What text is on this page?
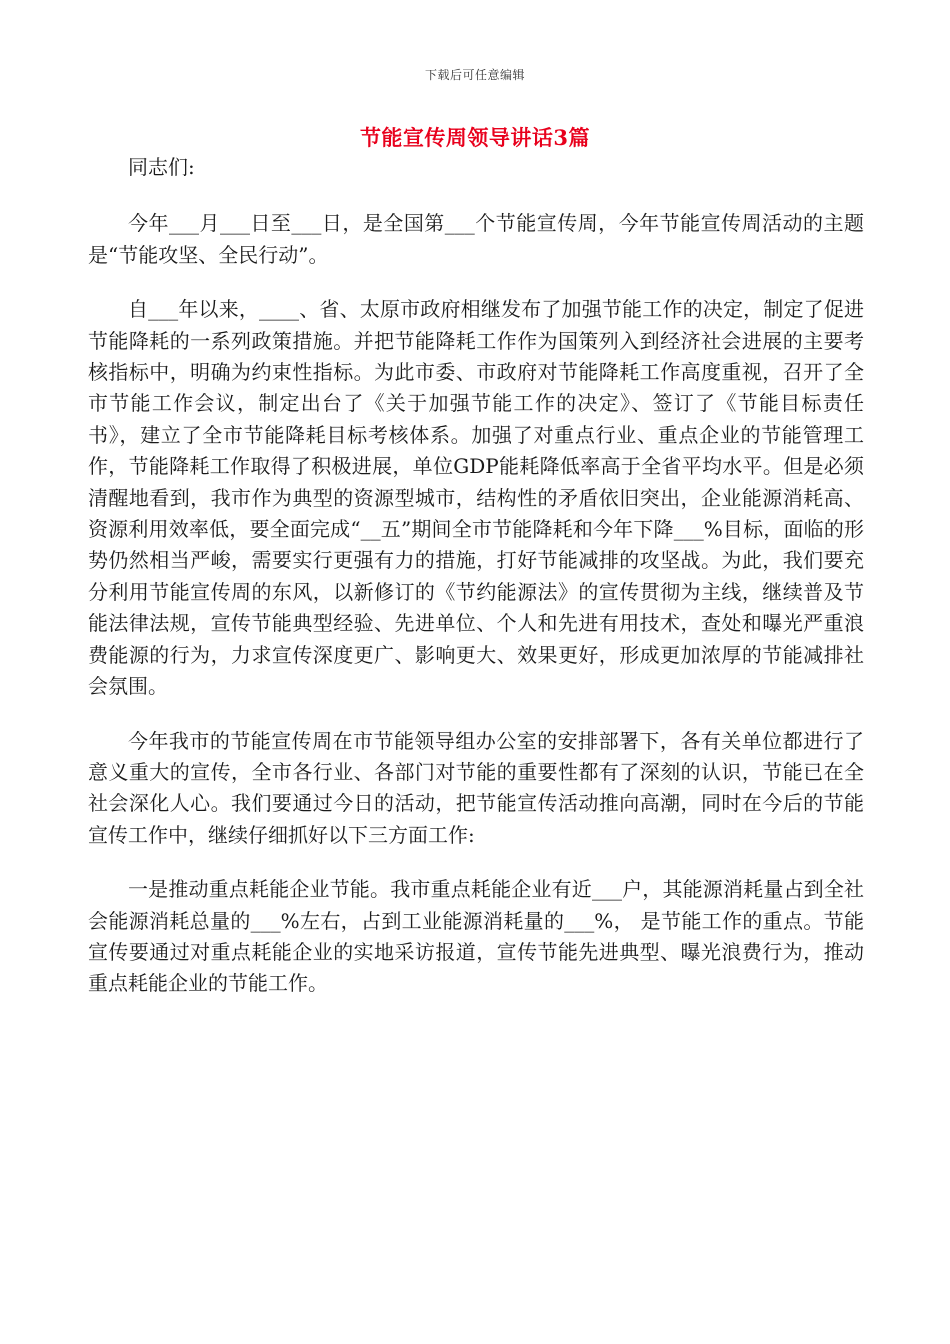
下载后可任意编辑
节能宣传周领导讲话3篇

同志们:

今年___月___日至___日，是全国第___个节能宣传周，今年节能宣传周活动的主题是“节能攻坚、全民行动”。

自___年以来，____、省、太原市政府相继发布了加强节能工作的决定，制定了促进节能降耗的一系列政策措施。并把节能降耗工作作为国策列入到经济社会进展的主要考核指标中，明确为约束性指标。为此市委、市政府对节能降耗工作高度重视，召开了全市节能工作会议，制定出台了《关于加强节能工作的决定》、签订了《节能目标责任书》，建立了全市节能降耗目标考核体系。加强了对重点行业、重点企业的节能管理工作，节能降耗工作取得了积极进展，单位GDP能耗降低率高于全省平均水平。但是必须清醒地看到，我市作为典型的资源型城市，结构性的矛盾依旧突出，企业能源消耗高、资源利用效率低，要全面完成“__五”期间全市节能降耗和今年下降___%目标，面临的形势仍然相当严峻，需要实行更强有力的措施，打好节能减排的攻坚战。为此，我们要充分利用节能宣传周的东风，以新修订的《节约能源法》的宣传贯彻为主线，继续普及节能法律法规，宣传节能典型经验、先进单位、个人和先进有用技术，查处和曝光严重浪费能源的行为，力求宣传深度更广、影响更大、效果更好，形成更加浓厚的节能减排社会氛围。

今年我市的节能宣传周在市节能领导组办公室的安排部署下，各有关单位都进行了意义重大的宣传，全市各行业、各部门对节能的重要性都有了深刻的认识，节能已在全社会深化人心。我们要通过今日的活动，把节能宣传活动推向高潮，同时在今后的节能宣传工作中，继续仔细抓好以下三方面工作:

一是推动重点耗能企业节能。我市重点耗能企业有近___户，其能源消耗量占到全社会能源消耗总量的___%左右，占到工业能源消耗量的___%， 是节能工作的重点。节能宣传要通过对重点耗能企业的实地采访报道，宣传节能先进典型、曝光浪费行为，推动重点耗能企业的节能工作。
